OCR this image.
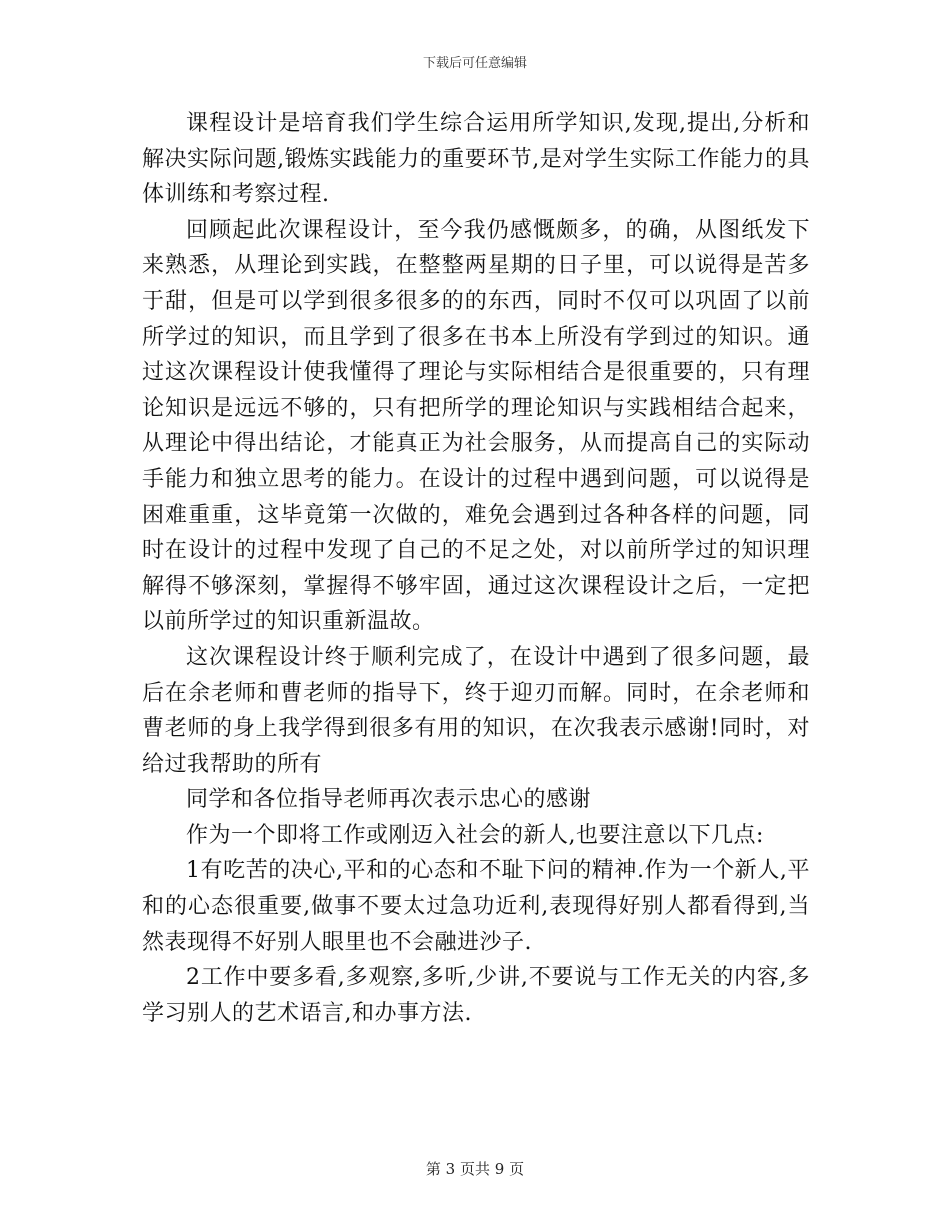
下载后可任意编辑

课程设计是培育我们学生综合运用所学知识,发现,提出,分析和解决实际问题,锻炼实践能力的重要环节,是对学生实际工作能力的具体训练和考察过程.

回顾起此次课程设计，至今我仍感慨颇多，的确，从图纸发下来熟悉，从理论到实践，在整整两星期的日子里，可以说得是苦多于甜，但是可以学到很多很多的的东西，同时不仅可以巩固了以前所学过的知识，而且学到了很多在书本上所没有学到过的知识。通过这次课程设计使我懂得了理论与实际相结合是很重要的，只有理论知识是远远不够的，只有把所学的理论知识与实践相结合起来，从理论中得出结论，才能真正为社会服务，从而提高自己的实际动手能力和独立思考的能力。在设计的过程中遇到问题，可以说得是困难重重，这毕竟第一次做的，难免会遇到过各种各样的问题，同时在设计的过程中发现了自己的不足之处，对以前所学过的知识理解得不够深刻，掌握得不够牢固，通过这次课程设计之后，一定把以前所学过的知识重新温故。

这次课程设计终于顺利完成了，在设计中遇到了很多问题，最后在余老师和曹老师的指导下，终于迎刃而解。同时，在余老师和曹老师的身上我学得到很多有用的知识，在次我表示感谢!同时，对给过我帮助的所有

同学和各位指导老师再次表示忠心的感谢

作为一个即将工作或刚迈入社会的新人,也要注意以下几点:

1有吃苦的决心,平和的心态和不耻下问的精神.作为一个新人,平和的心态很重要,做事不要太过急功近利,表现得好别人都看得到,当然表现得不好别人眼里也不会融进沙子.

2工作中要多看,多观察,多听,少讲,不要说与工作无关的内容,多学习别人的艺术语言,和办事方法.

第 3 页共 9 页
